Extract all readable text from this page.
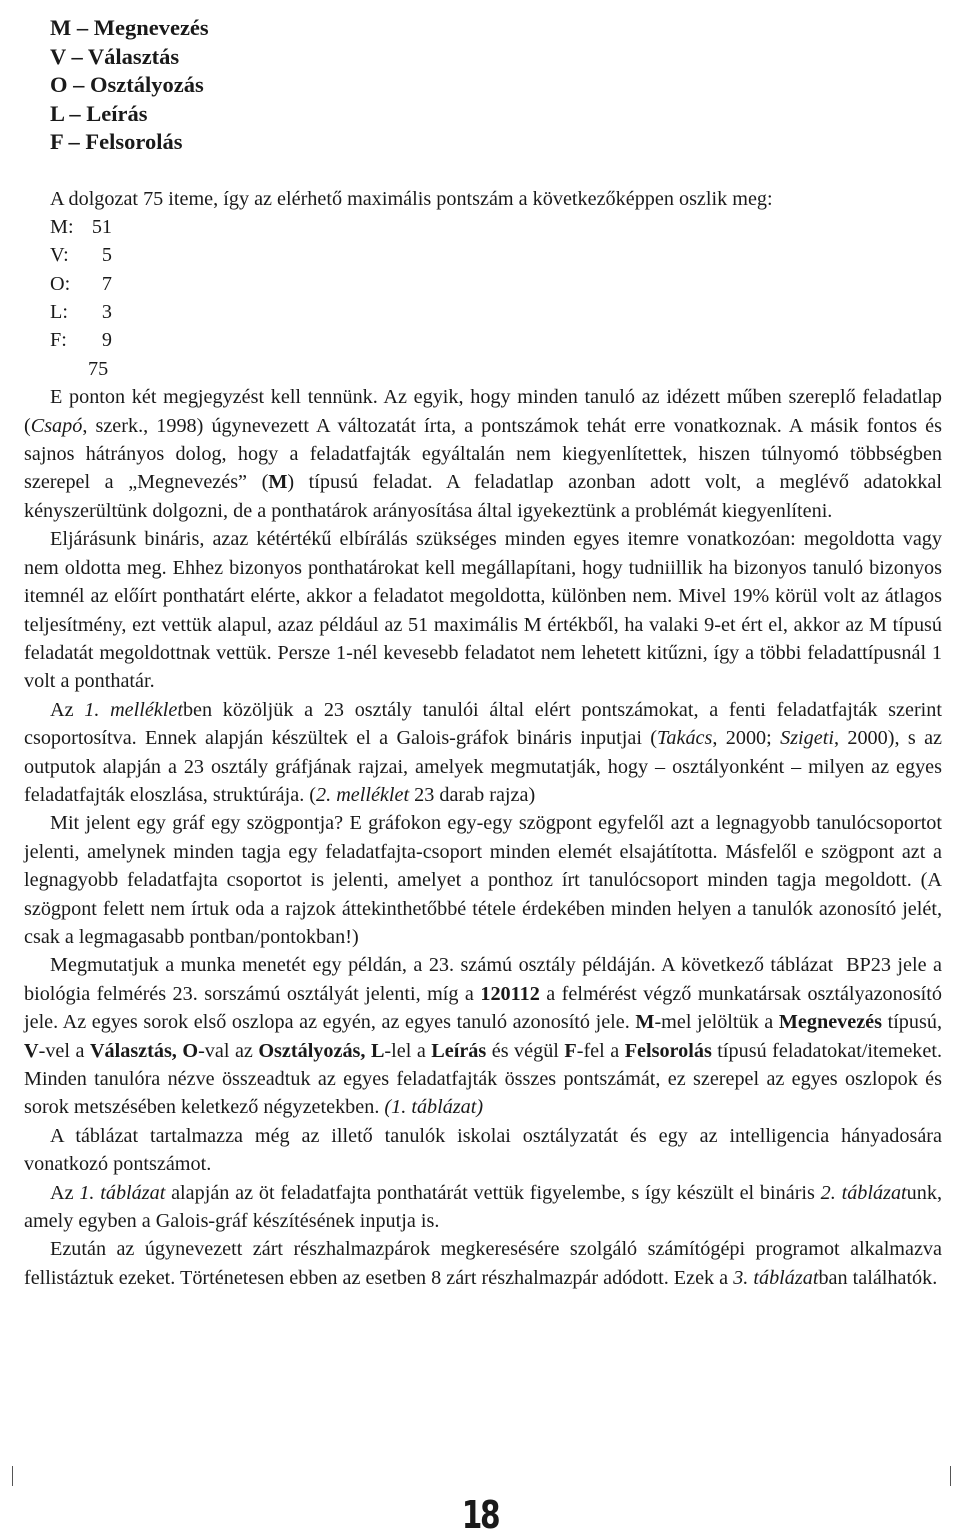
M – Megnevezés
V – Választás
O – Osztályozás
L – Leírás
F – Felsorolás

A dolgozat 75 iteme, így az elérhető maximális pontszám a következőképpen oszlik meg:

M: 51
V: 5
O: 7
L: 3
F: 9
75

E ponton két megjegyzést kell tennünk. Az egyik, hogy minden tanuló az idézett műben szereplő feladatlap (Csapó, szerk., 1998) úgynevezett A változatát írta, a pontszámok tehát erre vonatkoznak. A másik fontos és sajnos hátrányos dolog, hogy a feladatfajták egyáltalán nem kiegyenlítettek, hiszen túlnyomó többségben szerepel a „Megnevezés” (M) típusú feladat. A feladatlap azonban adott volt, a meglévő adatokkal kényszerültünk dolgozni, de a ponthatárok arányosítása által igyekeztünk a problémát kiegyenlíteni.

Eljárásunk bináris, azaz kétértékű elbírálás szükséges minden egyes itemre vonatkozóan: megoldotta vagy nem oldotta meg. Ehhez bizonyos ponthatárokat kell megállapítani, hogy tudniillik ha bizonyos tanuló bizonyos itemnél az előírt ponthatárt elérte, akkor a feladatot megoldotta, különben nem. Mivel 19% körül volt az átlagos teljesítmény, ezt vettük alapul, azaz például az 51 maximális M értékből, ha valaki 9-et ért el, akkor az M típusú feladatát megoldottnak vettük. Persze 1-nél kevesebb feladatot nem lehetett kitűzni, így a többi feladattípusnál 1 volt a ponthatár.

Az 1. mellékletben közöljük a 23 osztály tanulói által elért pontszámokat, a fenti feladatfajták szerint csoportosítva. Ennek alapján készültek el a Galois-gráfok bináris inputjai (Takács, 2000; Szigeti, 2000), s az outputok alapján a 23 osztály gráfjának rajzai, amelyek megmutatják, hogy – osztályonként – milyen az egyes feladatfajták eloszlása, struktúrája. (2. melléklet 23 darab rajza)

Mit jelent egy gráf egy szögpontja? E gráfokon egy-egy szögpont egyfelől azt a legnagyobb tanulócsoportot jelenti, amelynek minden tagja egy feladatfajta-csoport minden elemét elsajátította. Másfelől e szögpont azt a legnagyobb feladatfajta csoportot is jelenti, amelyet a ponthoz írt tanulócsoport minden tagja megoldott. (A szögpont felett nem írtuk oda a rajzok áttekinthetőbbé tétele érdekében minden helyen a tanulók azonosító jelét, csak a legmagasabb pontban/pontokban!)

Megmutatjuk a munka menetét egy példán, a 23. számú osztály példáján. A következő táblázat  BP23 jele a biológia felmérés 23. sorszámú osztályát jelenti, míg a 120112 a felmérést végző munkatársak osztályazonosító jele. Az egyes sorok első oszlopa az egyén, az egyes tanuló azonosító jele. M-mel jelöltük a Megnevezés típusú, V-vel a Választás, O-val az Osztályozás, L-lel a Leírás és végül F-fel a Felsorolás típusú feladatokat/itemeket. Minden tanulóra nézve összeadtuk az egyes feladatfajták összes pontszámát, ez szerepel az egyes oszlopok és sorok metszésében keletkező négyzetekben. (1. táblázat)

A táblázat tartalmazza még az illető tanulók iskolai osztályzatát és egy az intelligencia hányadosára vonatkozó pontszámot.

Az 1. táblázat alapján az öt feladatfajta ponthatárát vettük figyelembe, s így készült el bináris 2. táblázatunk, amely egyben a Galois-gráf készítésének inputja is.

Ezután az úgynevezett zárt részhalmazpárok megkeresésére szolgáló számítógépi programot alkalmazva fellistáztuk ezeket. Történetesen ebben az esetben 8 zárt részhalmazpár adódott. Ezek a 3. táblázatban találhatók.

18
